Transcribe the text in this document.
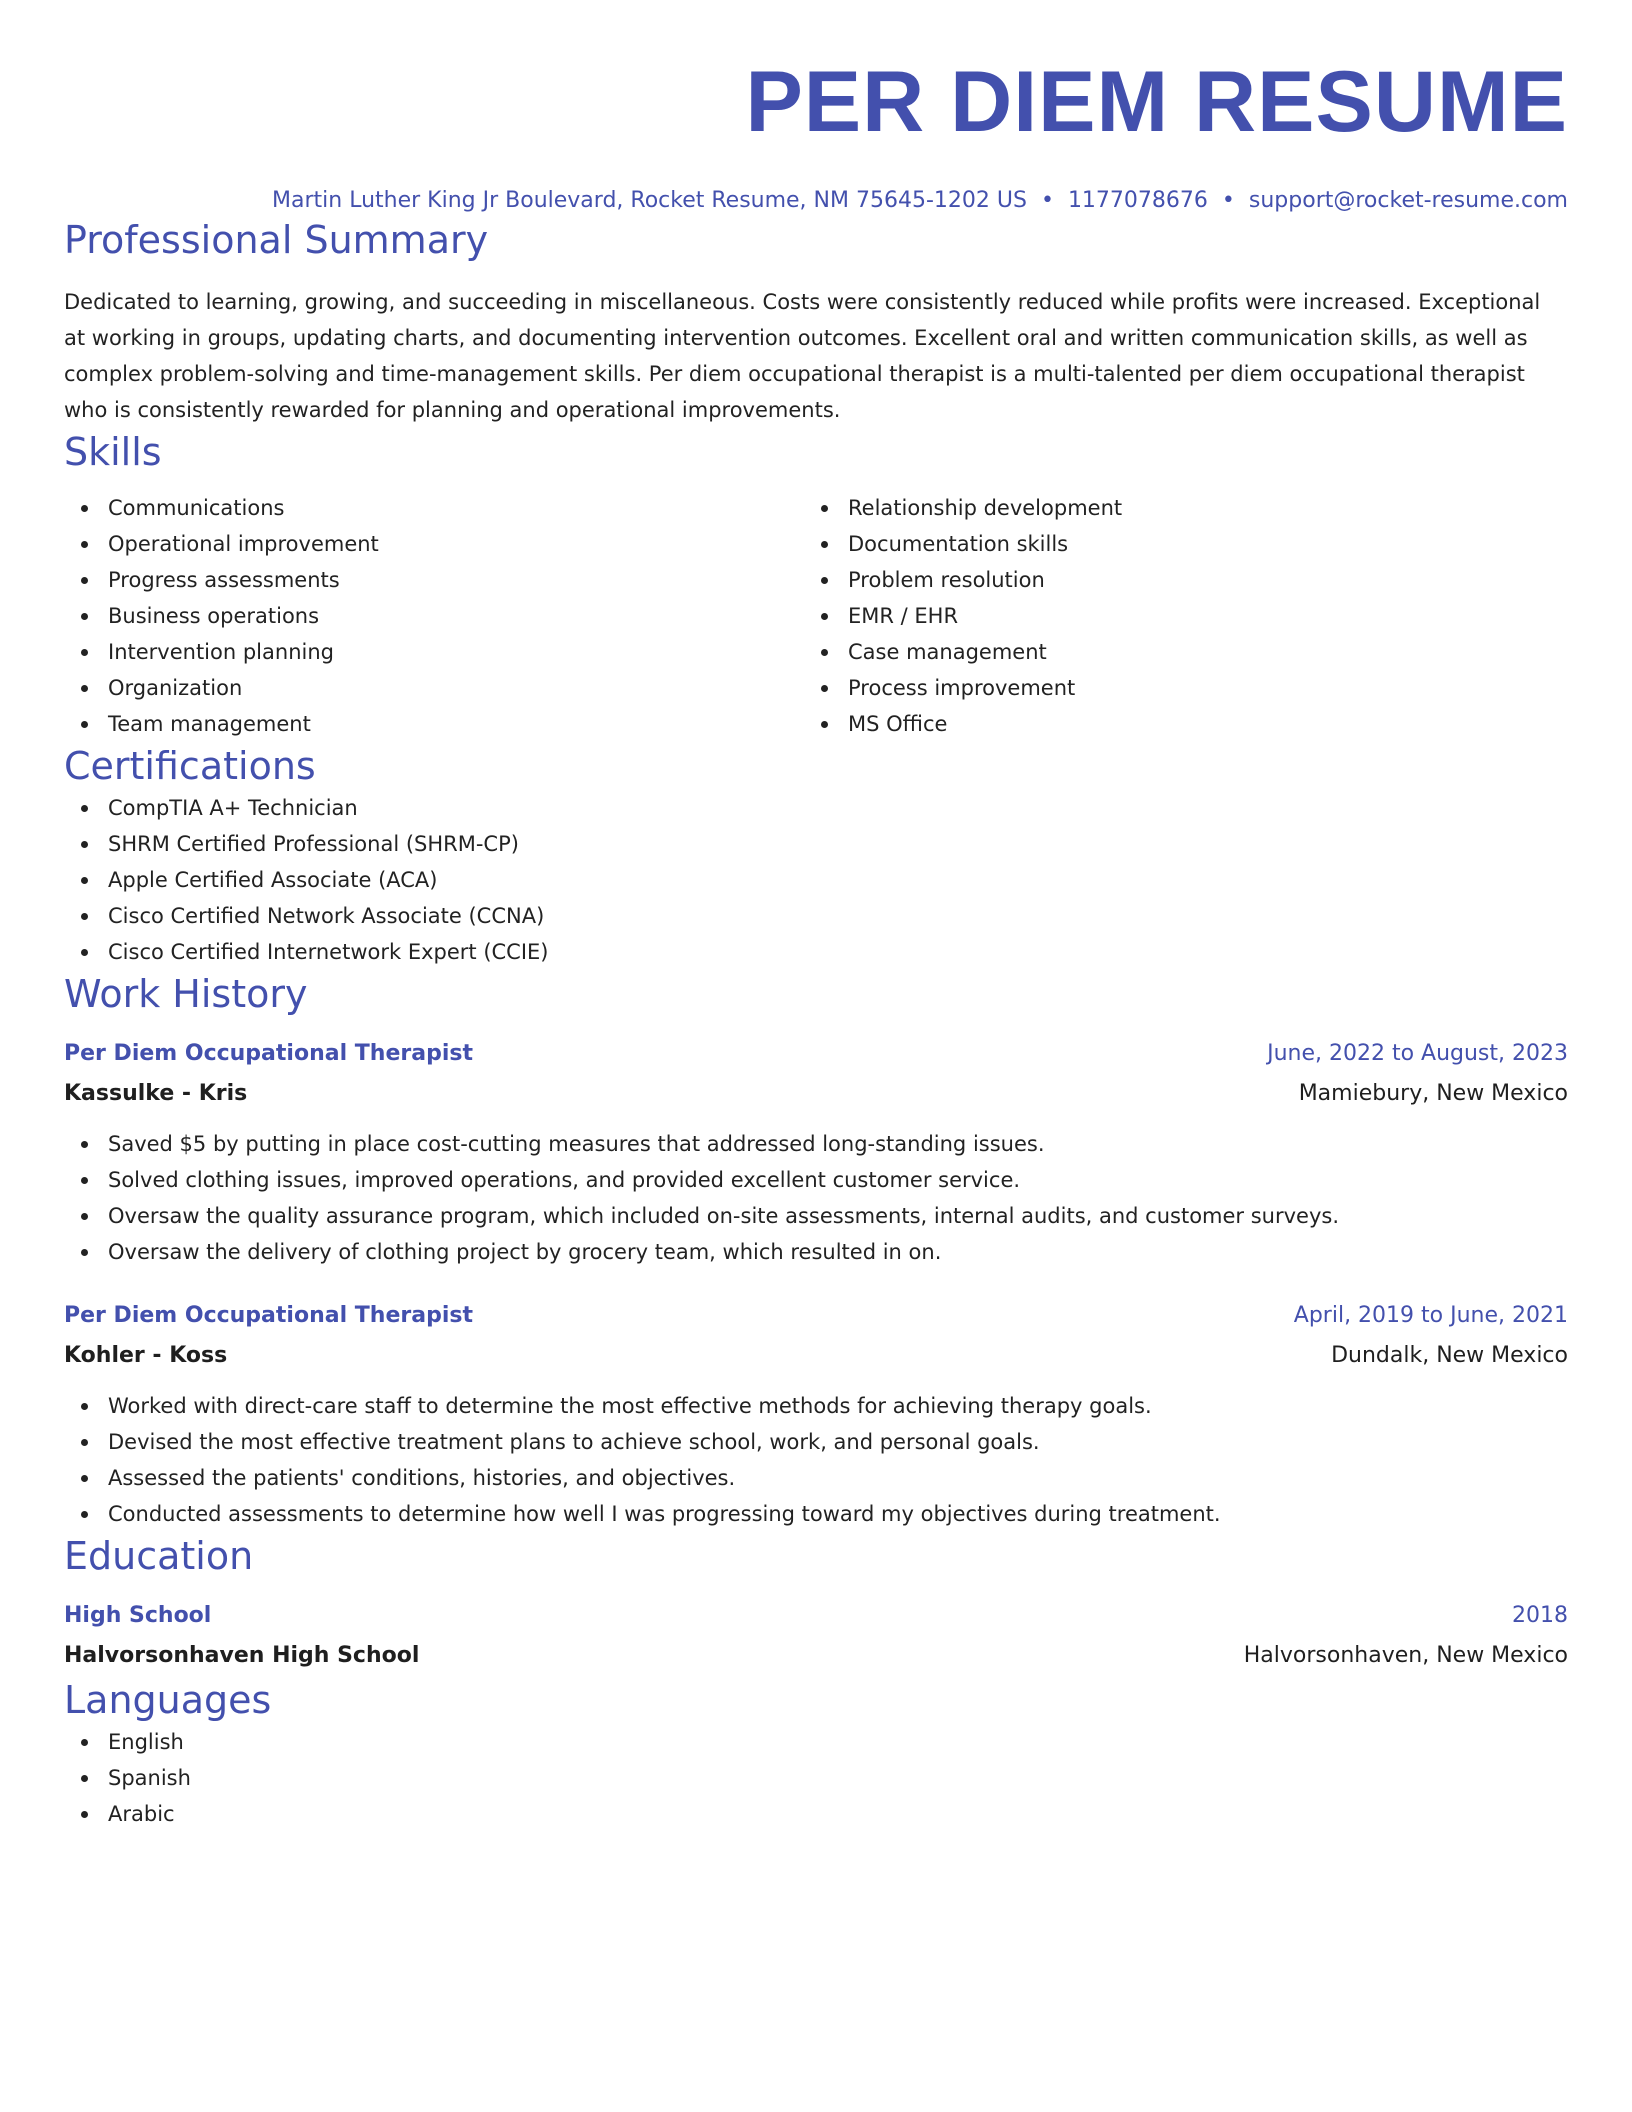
PER DIEM RESUME
Martin Luther King Jr Boulevard, Rocket Resume, NM 75645-1202 US • 1177078676 • support@rocket-resume.com
Professional Summary

Dedicated to learning, growing, and succeeding in miscellaneous. Costs were consistently reduced while profits were increased. Exceptional at working in groups, updating charts, and documenting intervention outcomes. Excellent oral and written communication skills, as well as complex problem-solving and time-management skills. Per diem occupational therapist is a multi-talented per diem occupational therapist who is consistently rewarded for planning and operational improvements.

Skills
Communications
Operational improvement
Progress assessments
Business operations
Intervention planning
Organization
Team management
Relationship development
Documentation skills
Problem resolution
EMR / EHR
Case management
Process improvement
MS Office
Certifications
CompTIA A+ Technician
SHRM Certified Professional (SHRM-CP)
Apple Certified Associate (ACA)
Cisco Certified Network Associate (CCNA)
Cisco Certified Internetwork Expert (CCIE)
Work History
Per Diem Occupational Therapist	June, 2022 to August, 2023
Kassulke - Kris	Mamiebury, New Mexico
Saved $5 by putting in place cost-cutting measures that addressed long-standing issues.
Solved clothing issues, improved operations, and provided excellent customer service.
Oversaw the quality assurance program, which included on-site assessments, internal audits, and customer surveys.
Oversaw the delivery of clothing project by grocery team, which resulted in on.
Per Diem Occupational Therapist	April, 2019 to June, 2021
Kohler - Koss	Dundalk, New Mexico
Worked with direct-care staff to determine the most effective methods for achieving therapy goals.
Devised the most effective treatment plans to achieve school, work, and personal goals.
Assessed the patients' conditions, histories, and objectives.
Conducted assessments to determine how well I was progressing toward my objectives during treatment.
Education
High School	2018
Halvorsonhaven High School	Halvorsonhaven, New Mexico
Languages
English
Spanish
Arabic
